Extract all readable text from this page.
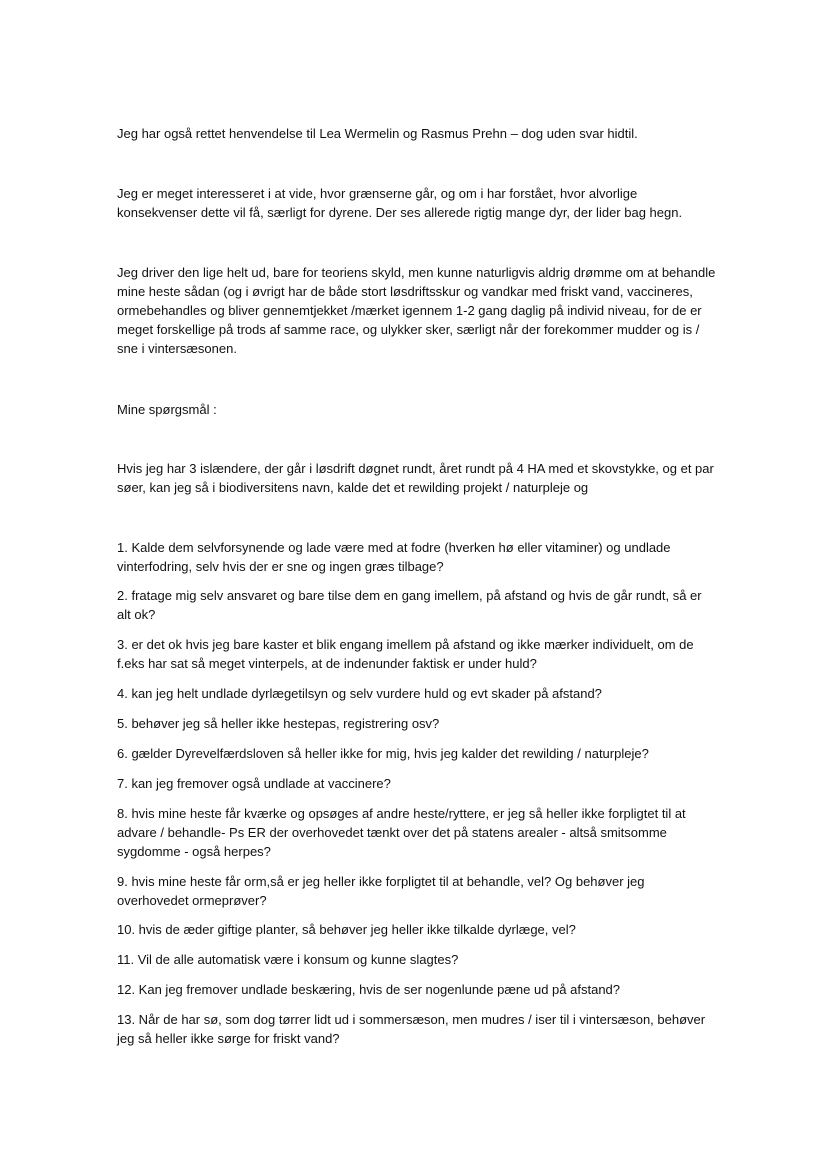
Jeg har også rettet henvendelse til Lea Wermelin og Rasmus Prehn – dog uden svar hidtil.

Jeg er meget interesseret i at vide, hvor grænserne går, og om i har forstået, hvor alvorlige konsekvenser dette vil få, særligt for dyrene. Der ses allerede rigtig mange dyr, der lider bag hegn.

Jeg driver den lige helt ud, bare for teoriens skyld, men kunne naturligvis aldrig drømme om at behandle mine heste sådan (og i øvrigt har de både stort løsdriftsskur og vandkar med friskt vand, vaccineres, ormebehandles og bliver gennemtjekket /mærket igennem 1-2 gang daglig på individ niveau, for de er meget forskellige på trods af samme race, og ulykker sker, særligt når der forekommer mudder og is / sne i vintersæsonen.

Mine spørgsmål :

Hvis jeg har 3 islændere, der går i løsdrift døgnet rundt, året rundt på 4 HA med et skovstykke, og et par søer, kan jeg så i biodiversitens navn, kalde det et rewilding projekt / naturpleje og

1. Kalde dem selvforsynende og lade være med at fodre (hverken hø eller vitaminer) og undlade vinterfodring, selv hvis der er sne og ingen græs tilbage?

2. fratage mig selv ansvaret og bare tilse dem en gang imellem, på afstand og hvis de går rundt, så er alt ok?

3. er det ok hvis jeg bare kaster et blik engang imellem på afstand og ikke mærker individuelt, om de f.eks har sat så meget vinterpels, at de indenunder faktisk er under huld?

4. kan jeg helt undlade dyrlægetilsyn og selv vurdere huld og evt skader på afstand?

5. behøver jeg så heller ikke hestepas, registrering osv?

6. gælder Dyrevelfærdsloven så heller ikke for mig, hvis jeg kalder det rewilding / naturpleje?

7. kan jeg fremover også undlade at vaccinere?

8. hvis mine heste får kværke og opsøges af andre heste/ryttere, er jeg så heller ikke forpligtet til at advare / behandle- Ps ER der overhovedet tænkt over det på statens arealer - altså smitsomme sygdomme - også herpes?

9. hvis mine heste får orm,så er jeg heller ikke forpligtet til at behandle, vel? Og behøver jeg overhovedet ormeprøver?

10. hvis de æder giftige planter, så behøver jeg heller ikke tilkalde dyrlæge, vel?

11. Vil de alle automatisk være i konsum og kunne slagtes?

12. Kan jeg fremover undlade beskæring, hvis de ser nogenlunde pæne ud på afstand?

13. Når de har sø, som dog tørrer lidt ud i sommersæson, men mudres / iser til i vintersæson, behøver jeg så heller ikke sørge for friskt vand?
